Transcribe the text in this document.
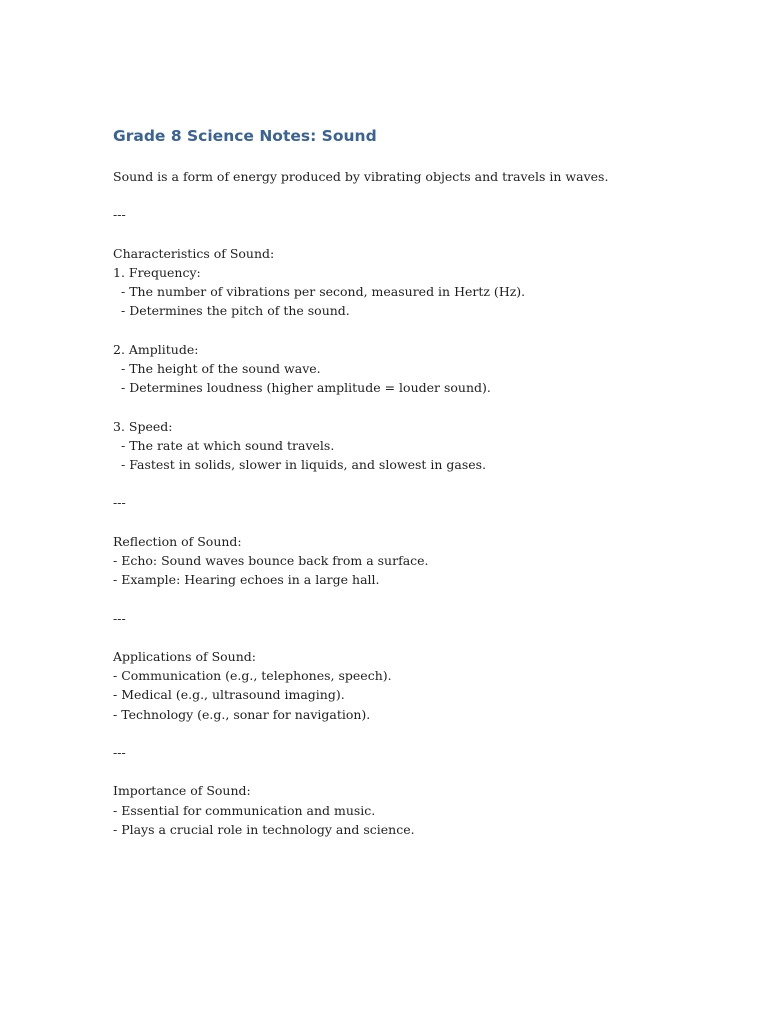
Grade 8 Science Notes: Sound

Sound is a form of energy produced by vibrating objects and travels in waves.

---

Characteristics of Sound:

1. Frequency:

- The number of vibrations per second, measured in Hertz (Hz).

- Determines the pitch of the sound.

2. Amplitude:

- The height of the sound wave.

- Determines loudness (higher amplitude = louder sound).

3. Speed:

- The rate at which sound travels.

- Fastest in solids, slower in liquids, and slowest in gases.

---

Reflection of Sound:

- Echo: Sound waves bounce back from a surface.

- Example: Hearing echoes in a large hall.

---

Applications of Sound:

- Communication (e.g., telephones, speech).

- Medical (e.g., ultrasound imaging).

- Technology (e.g., sonar for navigation).

---

Importance of Sound:

- Essential for communication and music.

- Plays a crucial role in technology and science.
